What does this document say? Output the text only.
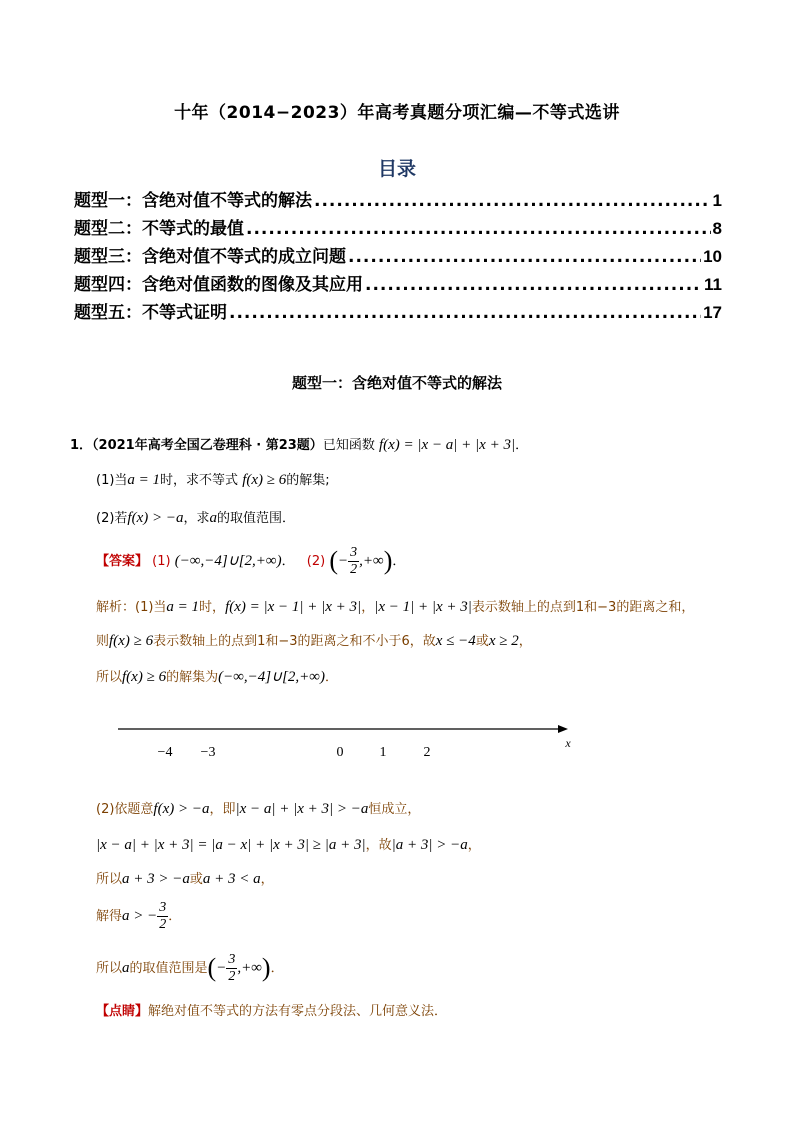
十年（2014−2023）年高考真题分项汇编—不等式选讲
目录
题型一：含绝对值不等式的解法 .....	1
题型二：不等式的最值 .....	8
题型三：含绝对值不等式的成立问题 .....	10
题型四：含绝对值函数的图像及其应用 .....	11
题型五：不等式证明 .....	17
题型一：含绝对值不等式的解法
1．（2021年高考全国乙卷理科 · 第23题）已知函数 f(x) = |x − a| + |x + 3|．
(1)当a = 1时，求不等式 f(x) ≥ 6的解集;
(2)若f(x) > −a，求a的取值范围．
【答案】 (1) (−∞,−4]∪[2,+∞)． (2) (− $\frac{3}{2}$ ,+∞)．
解析：(1)当a = 1时，f(x) = |x − 1| + |x + 3|，|x − 1| + |x + 3|表示数轴上的点到1和−3的距离之和，
则f(x) ≥ 6表示数轴上的点到1和−3的距离之和不小于6，故x ≤ −4或x ≥ 2，
所以f(x) ≥ 6的解集为(−∞,−4]∪[2,+∞)．
−4 −3	0	1	2
x
(2)依题意f(x) > −a，即|x − a| + |x + 3| > −a恒成立，
|x − a| + |x + 3| = |a − x| + |x + 3| ≥ |a + 3|，故|a + 3| > −a，
所以a + 3 > −a或a + 3 < a，
解得a > − $\frac{3}{2}$ ．
所以a的取值范围是(− $\frac{3}{2}$ ,+∞)．
【点睛】解绝对值不等式的方法有零点分段法、几何意义法．
